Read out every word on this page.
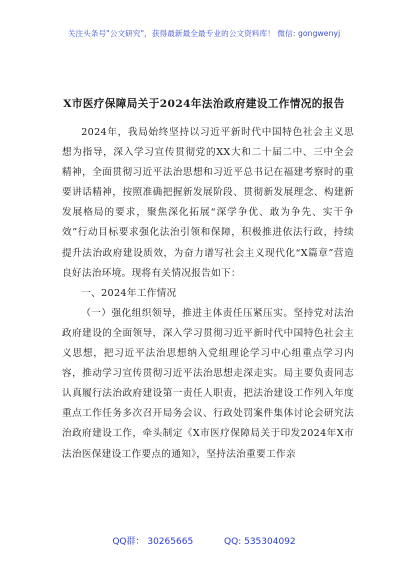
关注头条号"公文研究"，获得最新最全最专业的公文资料库！ 微信: gongwenyj
X市医疗保障局关于2024年法治政府建设工作情况的报告

2024年，我局始终坚持以习近平新时代中国特色社会主义思想为指导，深入学习宣传贯彻党的XX大和二十届二中、三中全会精神，全面贯彻习近平法治思想和习近平总书记在福建考察时的重要讲话精神，按照准确把握新发展阶段、贯彻新发展理念、构建新发展格局的要求，聚焦深化拓展“深学争优、敢为争先、实干争效”行动目标要求强化法治引领和保障，积极推进依法行政，持续提升法治政府建设质效，为奋力谱写社会主义现代化“X篇章”营造良好法治环境。现将有关情况报告如下：

一、2024年工作情况

（一）强化组织领导，推进主体责任压紧压实。坚持党对法治政府建设的全面领导，深入学习贯彻习近平新时代中国特色社会主义思想，把习近平法治思想纳入党组理论学习中心组重点学习内容，推动学习宣传贯彻习近平法治思想走深走实。局主要负责同志认真履行法治政府建设第一责任人职责，把法治建设工作列入年度重点工作任务多次召开局务会议、行政处罚案件集体讨论会研究法治政府建设工作，牵头制定《X市医疗保障局关于印发2024年X市法治医保建设工作要点的通知》，坚持法治重要工作亲

QQ群： 30265665	QQ: 535304092
